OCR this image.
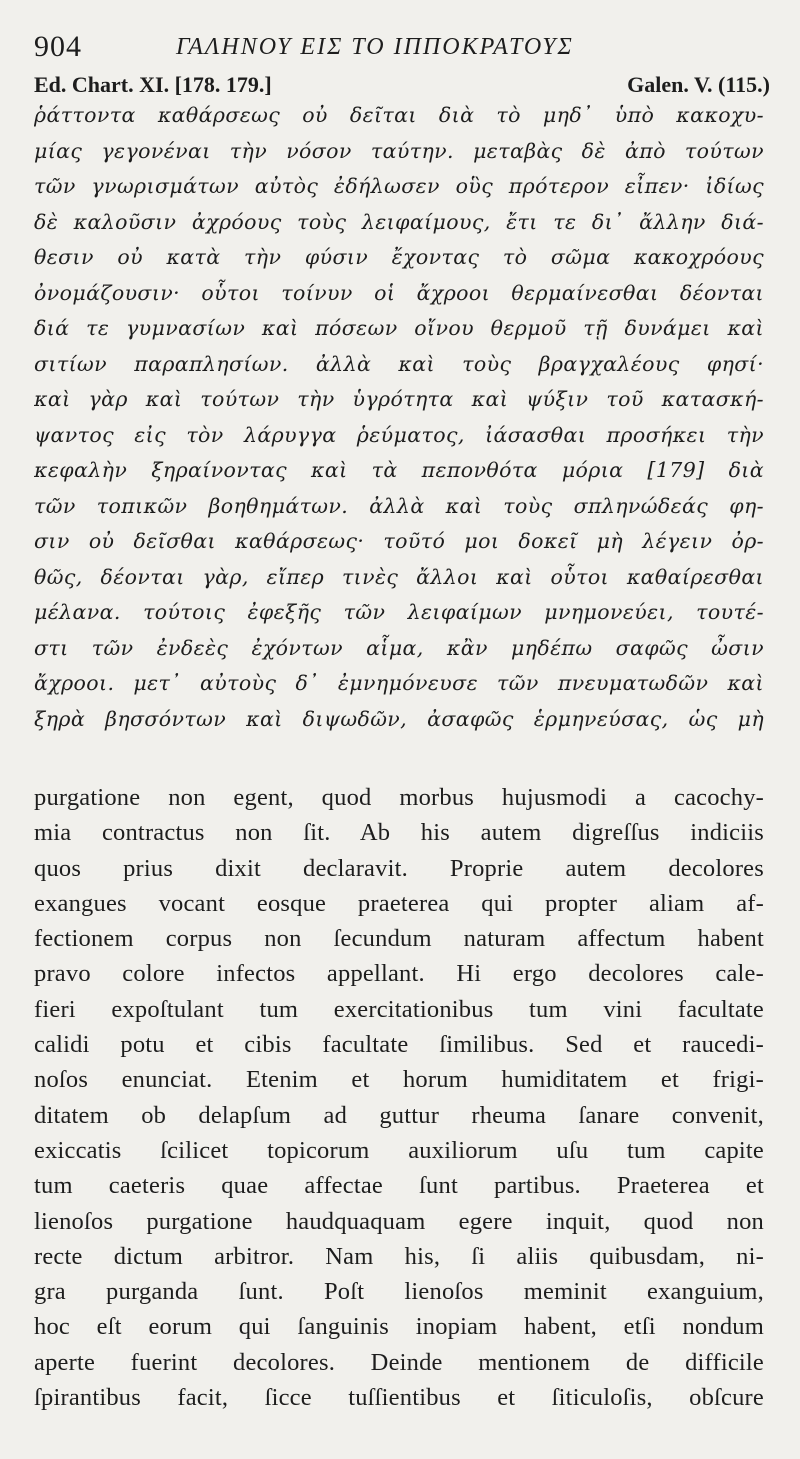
904	ΓΑΛΗΝΟΥ ΕΙΣ ΤΟ ΙΠΠΟΚΡΑΤΟΥΣ
Ed. Chart. XI. [178. 179.]	Galen. V. (115.)
ῥάττοντα καθάρσεως οὐ δεῖται διὰ τὸ μηδ᾽ ὑπὸ κακοχυ-
μίας γεγονέναι τὴν νόσον ταύτην. μεταβὰς δὲ ἀπὸ τούτων
τῶν γνωρισμάτων αὐτὸς ἐδήλωσεν οὓς πρότερον εἶπεν· ἰδίως
δὲ καλοῦσιν ἀχρόους τοὺς λειφαίμους, ἔτι τε δι᾽ ἄλλην διά-
θεσιν οὐ κατὰ τὴν φύσιν ἔχοντας τὸ σῶμα κακοχρόους
ὀνομάζουσιν· οὗτοι τοίνυν οἱ ἄχροοι θερμαίνεσθαι δέονται
διά τε γυμνασίων καὶ πόσεων οἴνου θερμοῦ τῇ δυνάμει καὶ
σιτίων παραπλησίων. ἀλλὰ καὶ τοὺς βραγχαλέους φησί·
καὶ γὰρ καὶ τούτων τὴν ὑγρότητα καὶ ψύξιν τοῦ κατασκή-
ψαντος εἰς τὸν λάρυγγα ῥεύματος, ἰάσασθαι προσήκει τὴν
κεφαλὴν ξηραίνοντας καὶ τὰ πεπονθότα μόρια [179] διὰ
τῶν τοπικῶν βοηθημάτων. ἀλλὰ καὶ τοὺς σπληνώδεάς φη-
σιν οὐ δεῖσθαι καθάρσεως· τοῦτό μοι δοκεῖ μὴ λέγειν ὀρ-
θῶς, δέονται γὰρ, εἴπερ τινὲς ἄλλοι καὶ οὗτοι καθαίρεσθαι
μέλανα. τούτοις ἐφεξῆς τῶν λειφαίμων μνημονεύει, τουτέ-
στι τῶν ἐνδεὲς ἐχόντων αἷμα, κἂν μηδέπω σαφῶς ὦσιν
ἄχροοι. μετ᾽ αὐτοὺς δ᾽ ἐμνημόνευσε τῶν πνευματωδῶν καὶ
ξηρὰ βησσόντων καὶ διψωδῶν, ἀσαφῶς ἑρμηνεύσας, ὡς μὴ
purgatione non egent, quod morbus hujusmodi a cacochy-
mia contractus non ſit. Ab his autem digreſſus indiciis
quos prius dixit declaravit. Proprie autem decolores
exangues vocant eosque praeterea qui propter aliam af-
fectionem corpus non ſecundum naturam affectum habent
pravo colore infectos appellant. Hi ergo decolores cale-
fieri expoſtulant tum exercitationibus tum vini facultate
calidi potu et cibis facultate ſimilibus. Sed et raucedi-
noſos enunciat. Etenim et horum humiditatem et frigi-
ditatem ob delapſum ad guttur rheuma ſanare convenit,
exiccatis ſcilicet topicorum auxiliorum uſu tum capite
tum caeteris quae affectae ſunt partibus. Praeterea et
lienoſos purgatione haudquaquam egere inquit, quod non
recte dictum arbitror. Nam his, ſi aliis quibusdam, ni-
gra purganda ſunt. Poſt lienoſos meminit exanguium,
hoc eſt eorum qui ſanguinis inopiam habent, etſi nondum
aperte fuerint decolores. Deinde mentionem de difficile
ſpirantibus facit, ſicce tuſſientibus et ſiticuloſis, obſcure
